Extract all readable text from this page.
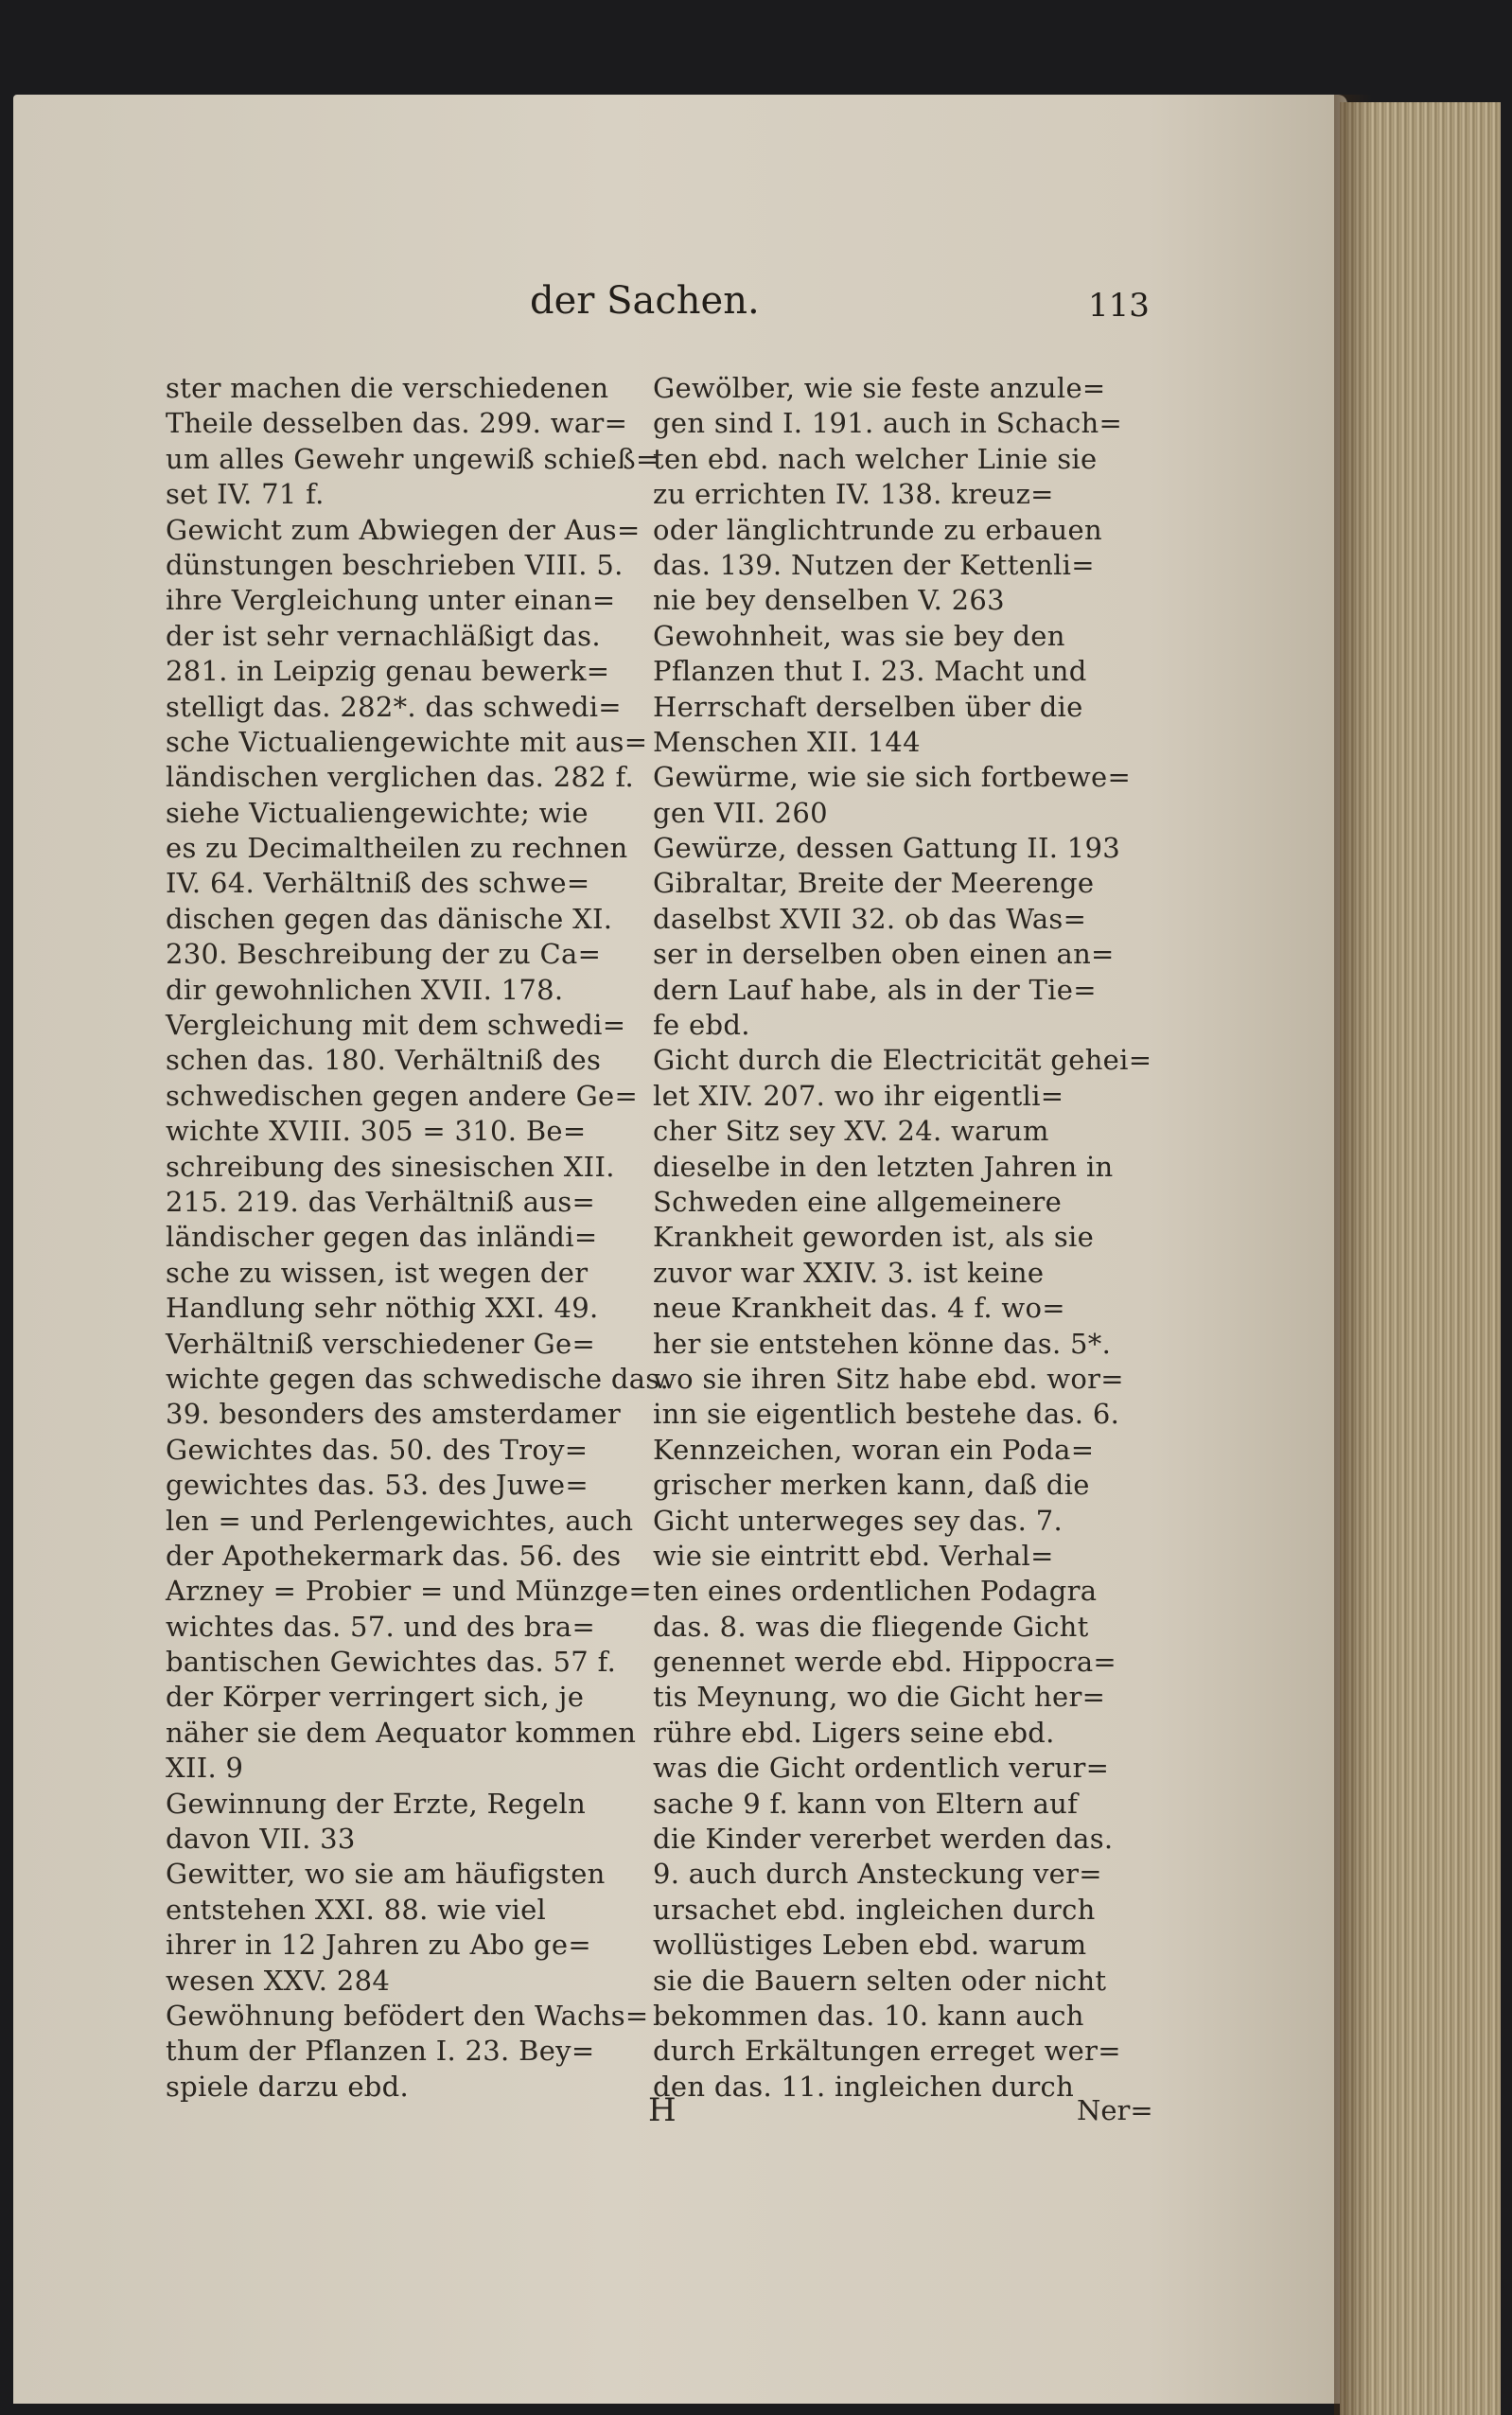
der Sachen.	113
ster machen die verschiedenen
Theile desselben das. 299. war=
um alles Gewehr ungewiß schieß=
set IV. 71 f.
Gewicht zum Abwiegen der Aus=
dünstungen beschrieben VIII. 5.
ihre Vergleichung unter einan=
der ist sehr vernachläßigt das.
281. in Leipzig genau bewerk=
stelligt das. 282*. das schwedi=
sche Victualiengewichte mit aus=
ländischen verglichen das. 282 f.
siehe Victualiengewichte; wie
es zu Decimaltheilen zu rechnen
IV. 64. Verhältniß des schwe=
dischen gegen das dänische XI.
230. Beschreibung der zu Ca=
dir gewohnlichen XVII. 178.
Vergleichung mit dem schwedi=
schen das. 180. Verhältniß des
schwedischen gegen andere Ge=
wichte XVIII. 305 = 310. Be=
schreibung des sinesischen XII.
215. 219. das Verhältniß aus=
ländischer gegen das inländi=
sche zu wissen, ist wegen der
Handlung sehr nöthig XXI. 49.
Verhältniß verschiedener Ge=
wichte gegen das schwedische das.
39. besonders des amsterdamer
Gewichtes das. 50. des Troy=
gewichtes das. 53. des Juwe=
len = und Perlengewichtes, auch
der Apothekermark das. 56. des
Arzney = Probier = und Münzge=
wichtes das. 57. und des bra=
bantischen Gewichtes das. 57 f.
der Körper verringert sich, je
näher sie dem Aequator kommen
XII. 9
Gewinnung der Erzte, Regeln
davon VII. 33
Gewitter, wo sie am häufigsten
entstehen XXI. 88. wie viel
ihrer in 12 Jahren zu Abo ge=
wesen XXV. 284
Gewöhnung befödert den Wachs=
thum der Pflanzen I. 23. Bey=
spiele darzu ebd.
Gewölber, wie sie feste anzule=
gen sind I. 191. auch in Schach=
ten ebd. nach welcher Linie sie
zu errichten IV. 138. kreuz=
oder länglichtrunde zu erbauen
das. 139. Nutzen der Kettenli=
nie bey denselben V. 263
Gewohnheit, was sie bey den
Pflanzen thut I. 23. Macht und
Herrschaft derselben über die
Menschen XII. 144
Gewürme, wie sie sich fortbewe=
gen VII. 260
Gewürze, dessen Gattung II. 193
Gibraltar, Breite der Meerenge
daselbst XVII 32. ob das Was=
ser in derselben oben einen an=
dern Lauf habe, als in der Tie=
fe ebd.
Gicht durch die Electricität gehei=
let XIV. 207. wo ihr eigentli=
cher Sitz sey XV. 24. warum
dieselbe in den letzten Jahren in
Schweden eine allgemeinere
Krankheit geworden ist, als sie
zuvor war XXIV. 3. ist keine
neue Krankheit das. 4 f. wo=
her sie entstehen könne das. 5*.
wo sie ihren Sitz habe ebd. wor=
inn sie eigentlich bestehe das. 6.
Kennzeichen, woran ein Poda=
grischer merken kann, daß die
Gicht unterweges sey das. 7.
wie sie eintritt ebd. Verhal=
ten eines ordentlichen Podagra
das. 8. was die fliegende Gicht
genennet werde ebd. Hippocra=
tis Meynung, wo die Gicht her=
rühre ebd. Ligers seine ebd.
was die Gicht ordentlich verur=
sache 9 f. kann von Eltern auf
die Kinder vererbet werden das.
9. auch durch Ansteckung ver=
ursachet ebd. ingleichen durch
wollüstiges Leben ebd. warum
sie die Bauern selten oder nicht
bekommen das. 10. kann auch
durch Erkältungen erreget wer=
den das. 11. ingleichen durch
H	Ner=
